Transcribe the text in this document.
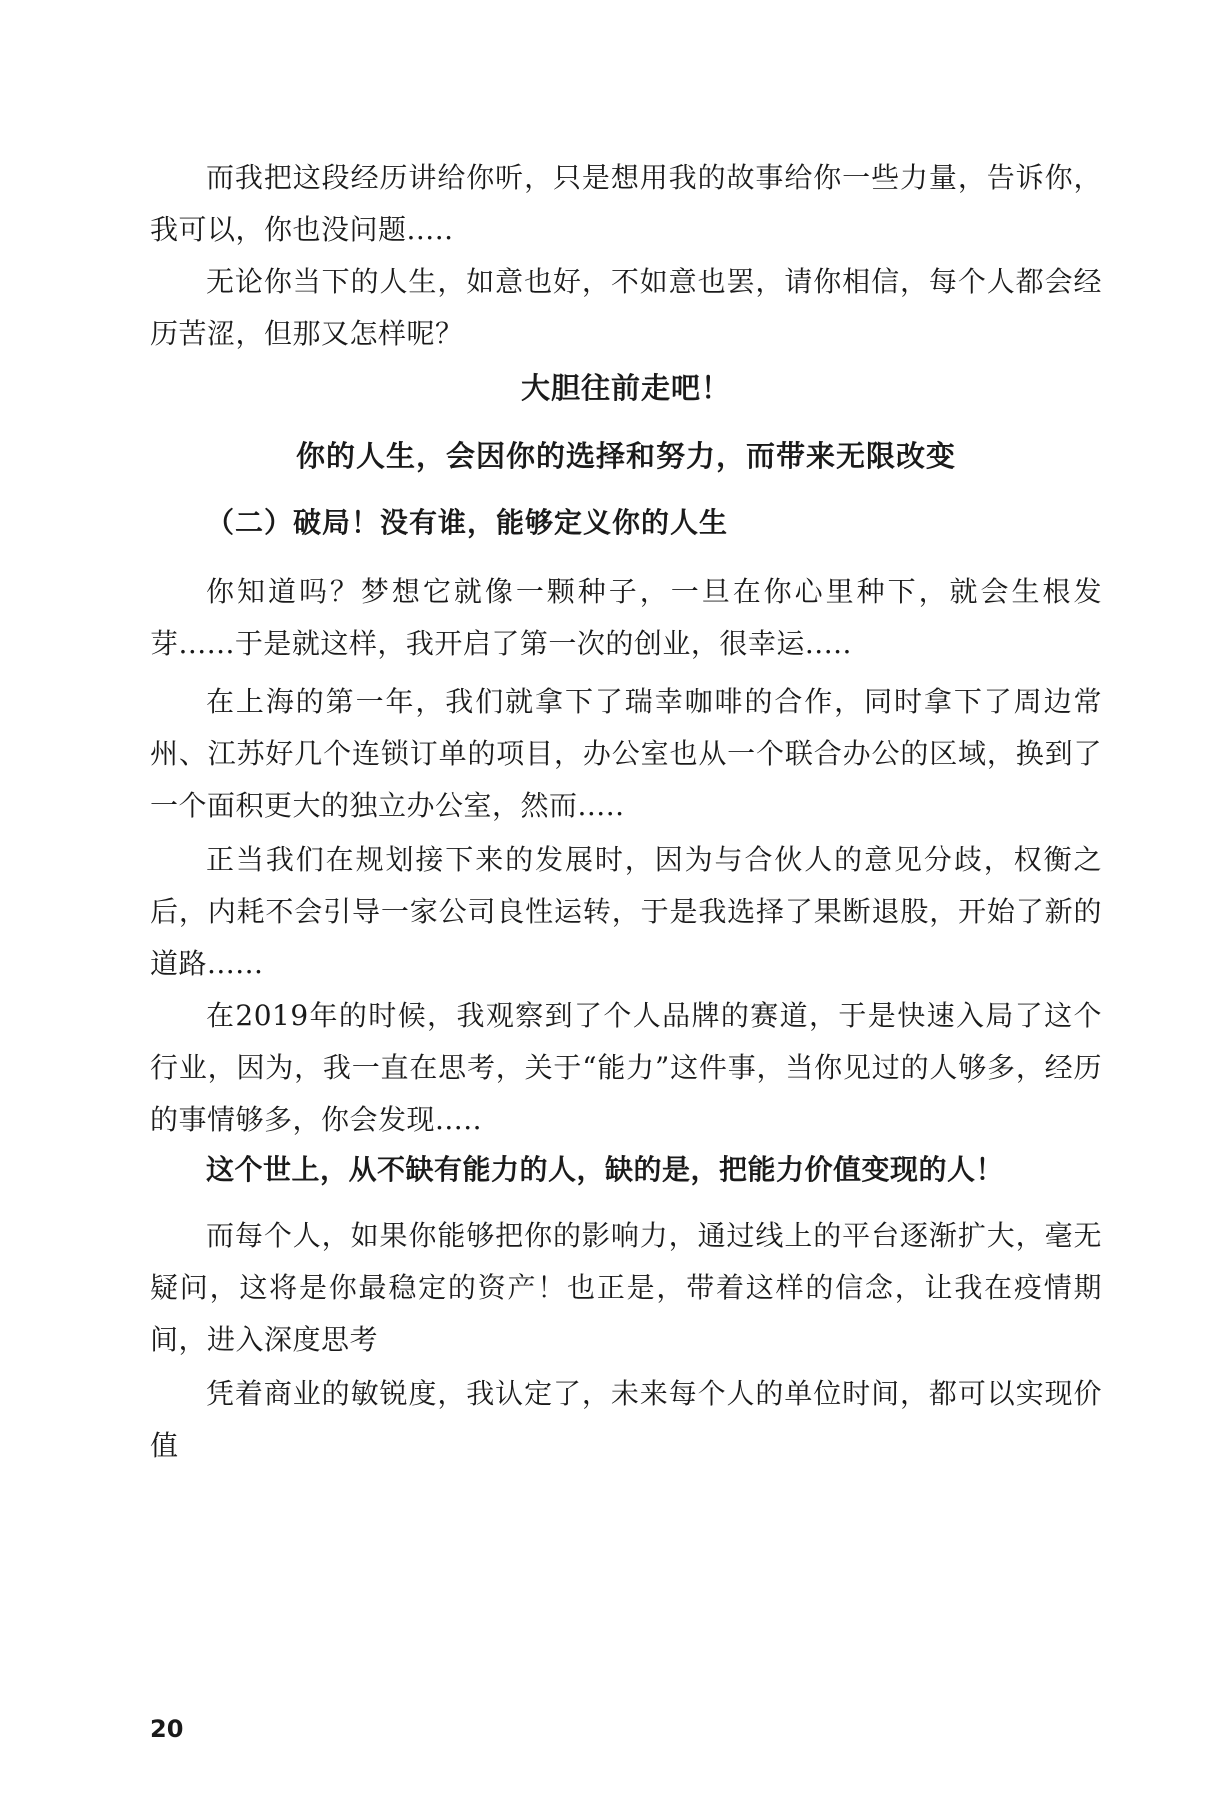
而我把这段经历讲给你听，只是想用我的故事给你一些力量，告诉你，我可以，你也没问题.....

无论你当下的人生，如意也好，不如意也罢，请你相信，每个人都会经历苦涩，但那又怎样呢？

大胆往前走吧！

你的人生，会因你的选择和努力，而带来无限改变

（二）破局！没有谁，能够定义你的人生

你知道吗？梦想它就像一颗种子，一旦在你心里种下，就会生根发芽......于是就这样，我开启了第一次的创业，很幸运.....

在上海的第一年，我们就拿下了瑞幸咖啡的合作，同时拿下了周边常州、江苏好几个连锁订单的项目，办公室也从一个联合办公的区域，换到了一个面积更大的独立办公室，然而.....

正当我们在规划接下来的发展时，因为与合伙人的意见分歧，权衡之后，内耗不会引导一家公司良性运转，于是我选择了果断退股，开始了新的道路......

在2019年的时候，我观察到了个人品牌的赛道，于是快速入局了这个行业，因为，我一直在思考，关于“能力”这件事，当你见过的人够多，经历的事情够多，你会发现.....

这个世上，从不缺有能力的人，缺的是，把能力价值变现的人！

而每个人，如果你能够把你的影响力，通过线上的平台逐渐扩大，毫无疑问，这将是你最稳定的资产！也正是，带着这样的信念，让我在疫情期间，进入深度思考

凭着商业的敏锐度，我认定了，未来每个人的单位时间，都可以实现价值

20
